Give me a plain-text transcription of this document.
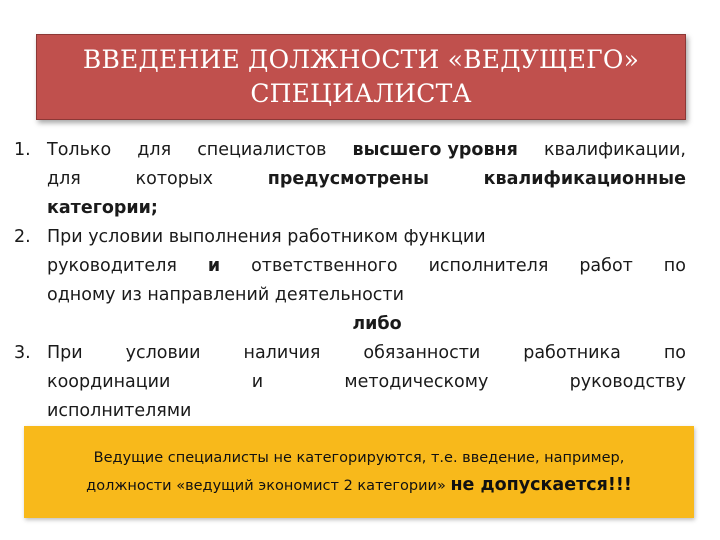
ВВЕДЕНИЕ ДОЛЖНОСТИ «ВЕДУЩЕГО»
СПЕЦИАЛИСТА
1. Только для специалистов высшего уровня квалификации,
для	которых	предусмотрены	квалификационные
категории;
2. При условии выполнения работником функции
руководителя и ответственного исполнителя работ по
одному из направлений деятельности
либо
3. При условии наличия обязанности работника по
координации	и	методическому	руководству
исполнителями
Ведущие специалисты не категорируются, т.е. введение, например,
должности «ведущий экономист 2 категории» не допускается!!!
